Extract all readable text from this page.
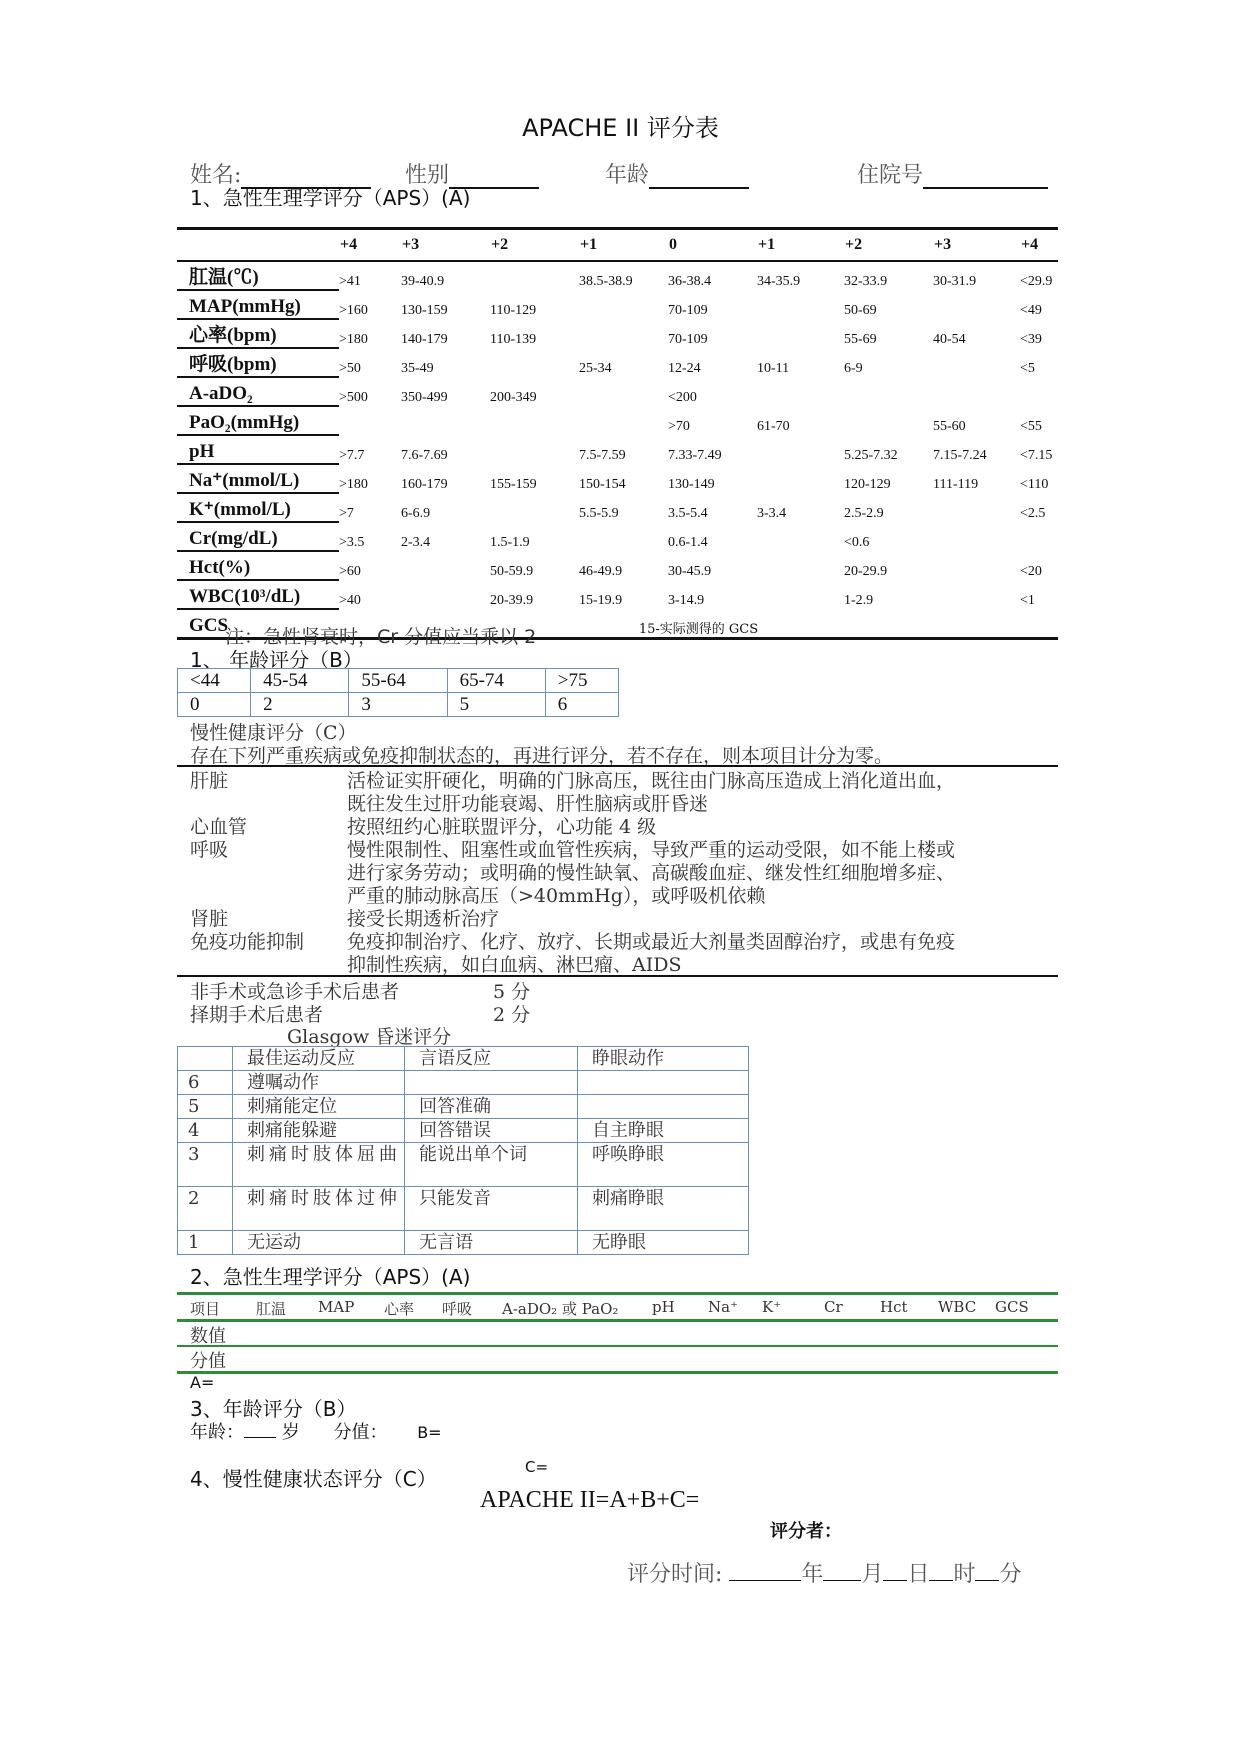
APACHE II 评分表
姓名:	性别	年龄	住院号
1、急性生理学评分（APS）(A)
	+4	+3	+2	+1	0	+1	+2	+3	+4
肛温(℃)	>41	39-40.9		38.5-38.9	36-38.4	34-35.9	32-33.9	30-31.9	<29.9
MAP(mmHg)	>160	130-159	110-129		70-109		50-69		<49
心率(bpm)	>180	140-179	110-139		70-109		55-69	40-54	<39
呼吸(bpm)	>50	35-49		25-34	12-24	10-11	6-9		<5
A-aDO₂	>500	350-499	200-349		<200				
PaO₂(mmHg)					>70	61-70		55-60	<55
pH	>7.7	7.6-7.69		7.5-7.59	7.33-7.49		5.25-7.32	7.15-7.24	<7.15
Na⁺(mmol/L)	>180	160-179	155-159	150-154	130-149		120-129	111-119	<110
K⁺(mmol/L)	>7	6-6.9		5.5-5.9	3.5-5.4	3-3.4	2.5-2.9		<2.5
Cr(mg/dL)	>3.5	2-3.4	1.5-1.9		0.6-1.4		<0.6		
Hct(%)	>60		50-59.9	46-49.9	30-45.9		20-29.9		<20
WBC(10³/dL)	>40		20-39.9	15-19.9	3-14.9		1-2.9		<1
GCS	15-实际测得的 GCS								
注：急性肾衰时，Cr 分值应当乘以 2
1、 年龄评分（B）
<44	45-54	55-64	65-74	>75
0	2	3	5	6
慢性健康评分（C）
存在下列严重疾病或免疫抑制状态的，再进行评分，若不存在，则本项目计分为零。
肝脏	活检证实肝硬化，明确的门脉高压，既往由门脉高压造成上消化道出血，
既往发生过肝功能衰竭、肝性脑病或肝昏迷
心血管	按照纽约心脏联盟评分，心功能 4 级
呼吸	慢性限制性、阻塞性或血管性疾病，导致严重的运动受限，如不能上楼或
进行家务劳动；或明确的慢性缺氧、高碳酸血症、继发性红细胞增多症、
严重的肺动脉高压（>40mmHg），或呼吸机依赖
肾脏	接受长期透析治疗
免疫功能抑制 免疫抑制治疗、化疗、放疗、长期或最近大剂量类固醇治疗，或患有免疫
抑制性疾病，如白血病、淋巴瘤、AIDS
非手术或急诊手术后患者	5 分
择期手术后患者	2 分
Glasgow 昏迷评分
	最佳运动反应	言语反应	睁眼动作
6	遵嘱动作		
5	刺痛能定位	回答准确	
4	刺痛能躲避	回答错误	自主睁眼
3	刺痛时肢体屈曲	能说出单个词	呼唤睁眼
2	刺痛时肢体过伸	只能发音	刺痛睁眼
1	无运动	无言语	无睁眼
2、急性生理学评分（APS）(A)
项目 肛温 MAP 心率 呼吸 A-aDO₂ 或 PaO₂ pH Na⁺ K⁺	Cr Hct WBC GCS
数值
分值
A=
3、年龄评分（B）
年龄： 岁 分值： B=
4、慢性健康状态评分（C）	C=
APACHE II=A+B+C=
评分者：
评分时间:	年 月 日 时 分
